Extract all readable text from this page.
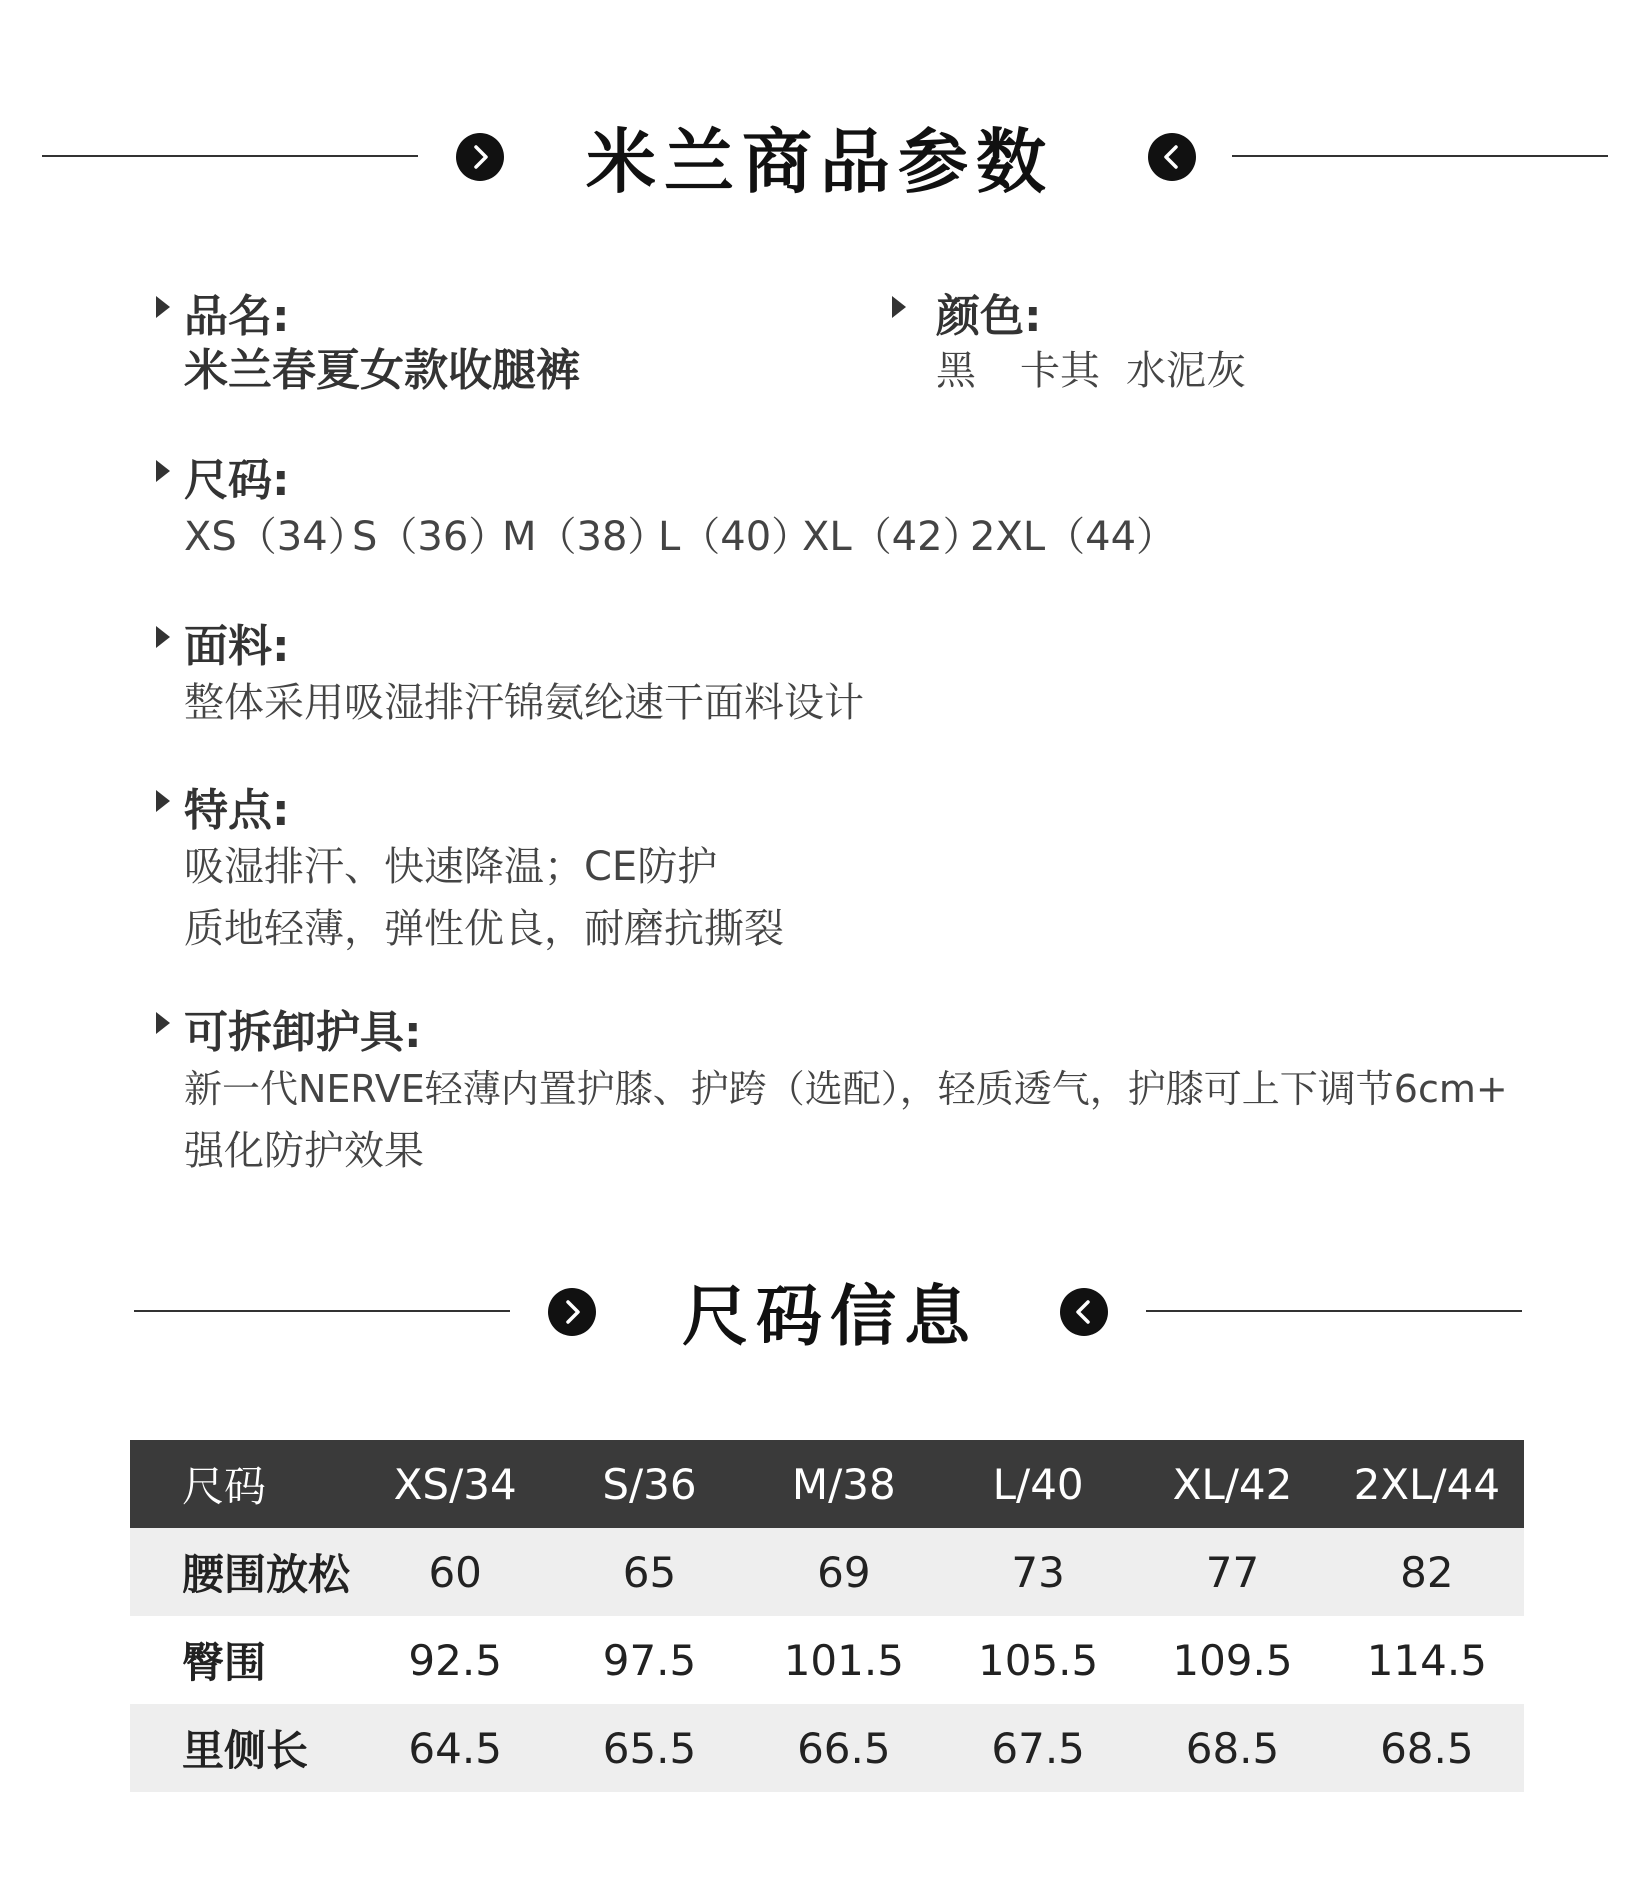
米兰商品参数
品名:
米兰春夏女款收腿裤
颜色:
黑 卡其 水泥灰
尺码:
XS（34）
S（36）
M（38）
L（40）
XL（42）
2XL（44）
面料:
整体采用吸湿排汗锦氨纶速干面料设计
特点:
吸湿排汗、快速降温；CE防护
质地轻薄，弹性优良，耐磨抗撕裂
可拆卸护具:
新一代NERVE轻薄内置护膝、护跨（选配），轻质透气，护膝可上下调节6cm+
强化防护效果
尺码信息
尺码	XS/34	S/36	M/38	L/40	XL/42	2XL/44
腰围放松	60	65	69	73	77	82
臀围	92.5	97.5	101.5	105.5	109.5	114.5
里侧长	64.5	65.5	66.5	67.5	68.5	68.5
